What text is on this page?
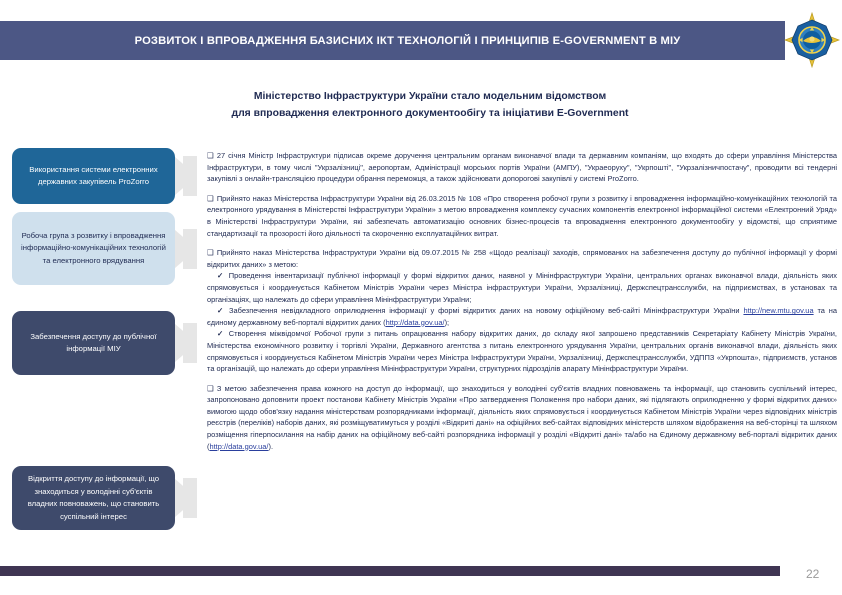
РОЗВИТОК І ВПРОВАДЖЕННЯ БАЗИСНИХ ІКТ ТЕХНОЛОГІЙ І ПРИНЦИПІВ E-GOVERNMENT В МІУ
Міністерство Інфраструктури України стало модельним відомством
для впровадження електронного документообігу та ініціативи E-Government
Використання системи електронних державних закупівель ProZorro
Робоча група з розвитку і впровадження інформаційно-комунікаційних технологій та електронного врядування
Забезпечення доступу до публічної інформації МІУ
Відкриття доступу до інформації, що знаходиться у володінні суб'єктів владних повноважень, що становить суспільний інтерес

❑ 27 січня Міністр Інфраструктури підписав окреме доручення центральним органам виконавчої влади та державним компаніям, що входять до сфери управління Міністерства Інфраструктури, в тому числі "Укрзалізниці", аеропортам, Адміністрації морських портів України (АМПУ), "Украеоруху", "Укрпошті", "Укрзалізничпостачу", проводити всі тендерні закупівлі з онлайн-трансляцією процедури обрання переможця, а також здійснювати допорогові закупівлі у системі ProZorro.

❑ Прийнято наказ Міністерства Інфраструктури України від 26.03.2015 № 108 «Про створення робочої групи з розвитку і впровадження інформаційно-комунікаційних технологій та електронного урядування в Міністерстві Інфраструктури України» з метою впровадження комплексу сучасних компонентів електронної інформаційної системи «Електронний Уряд» в Міністерстві Інфраструктури України, які забезпечать автоматизацію основних бізнес-процесів та впровадження електронного документообігу у відомстві, що сприятиме стандартизації та прозорості його діяльності та скороченню експлуатаційних витрат.

❑ Прийнято наказ Міністерства Інфраструктури України від 09.07.2015 № 258 «Щодо реалізації заходів, спрямованих на забезпечення доступу до публічної інформації у формі відкритих даних» з метою:

✓ Проведення інвентаризації публічної інформації у формі відкритих даних, наявної у Мінінфраструктури України, центральних органах виконавчої влади, діяльність яких спрямовується і координується Кабінетом Міністрів України через Міністра інфраструктури України, Укрзалізниці, Держспецтрансслужби, на підприємствах, в установах та організаціях, що належать до сфери управління Мінінфраструктури України;

✓ Забезпечення невідкладного оприлюднення інформації у формі відкритих даних на новому офіційному веб-сайті Мінінфраструктури України http://new.mtu.gov.ua та на єдиному державному веб-порталі відкритих даних (http://data.gov.ua/);

✓ Створення міжвідомчої Робочої групи з питань опрацювання набору відкритих даних, до складу якої запрошено представників Секретаріату Кабінету Міністрів України, Міністерства економічного розвитку і торгівлі України, Державного агентства з питань електронного урядування України, центральних органів виконавчої влади, діяльність яких спрямовується і координується Кабінетом Міністрів України через Міністра Інфраструктури України, Укрзалізниці, Держспецтрансслужби, УДППЗ «Укрпошта», підприємств, установ та організацій, що належать до сфери управління Мінінфраструктури України, структурних підрозділів апарату Мінінфраструктури України.

❑ З метою забезпечення права кожного на доступ до інформації, що знаходиться у володінні суб'єктів владних повноважень та інформації, що становить суспільний інтерес, запропоновано доповнити проект постанови Кабінету Міністрів України «Про затвердження Положення про набори даних, які підлягають оприлюдненню у формі відкритих даних» вимогою щодо обов'язку надання міністерствам розпорядниками інформації, діяльність яких спрямовується і координується Кабінетом Міністрів України через відповідних міністрів реєстрів (переліків) наборів даних, які розміщуватимуться у розділі «Відкриті дані» на офіційних веб-сайтах відповідних міністерств шляхом відображення на веб-сторінці та шляхом розміщення гіперпосилання на набір даних на офіційному веб-сайті розпорядника інформації у розділі «Відкриті дані» та/або на Єдиному державному веб-порталі відкритих даних (http://data.gov.ua/).

22
